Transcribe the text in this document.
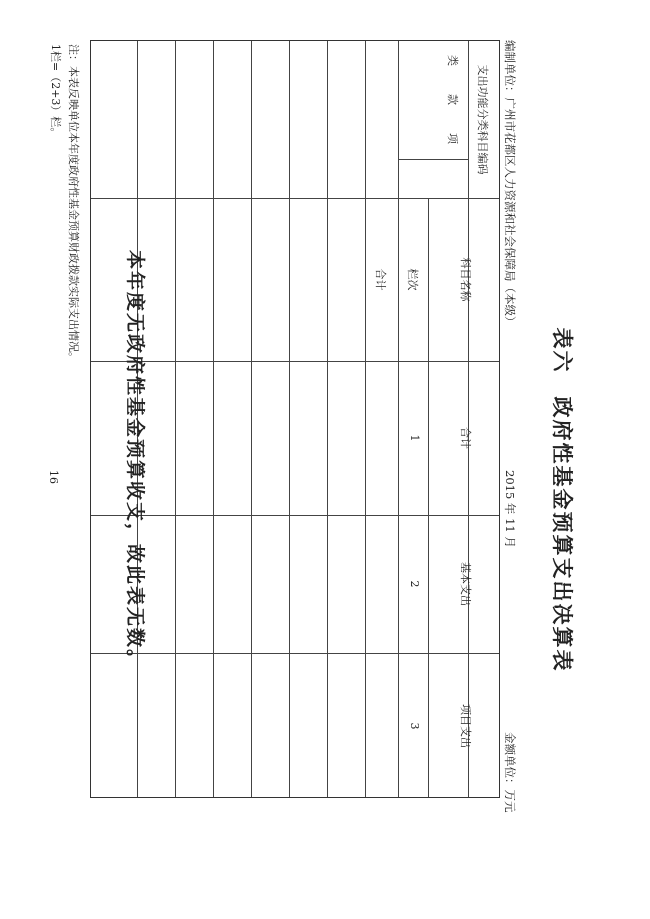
表六　政府性基金预算支出决算表
编制单位：广州市花都区人力资源和社会保障局（本级）
2015 年 11 月
金额单位：万元
支出功能分类科目编码
类
款
项
科目名称
栏次
合计
合计
1
基本支出
2
项目支出
3
本年度无政府性基金预算收支，故此表无数。
注：本表反映单位本年度政府性基金预算财政拨款实际支出情况。
1栏=（2+3）栏。
16
